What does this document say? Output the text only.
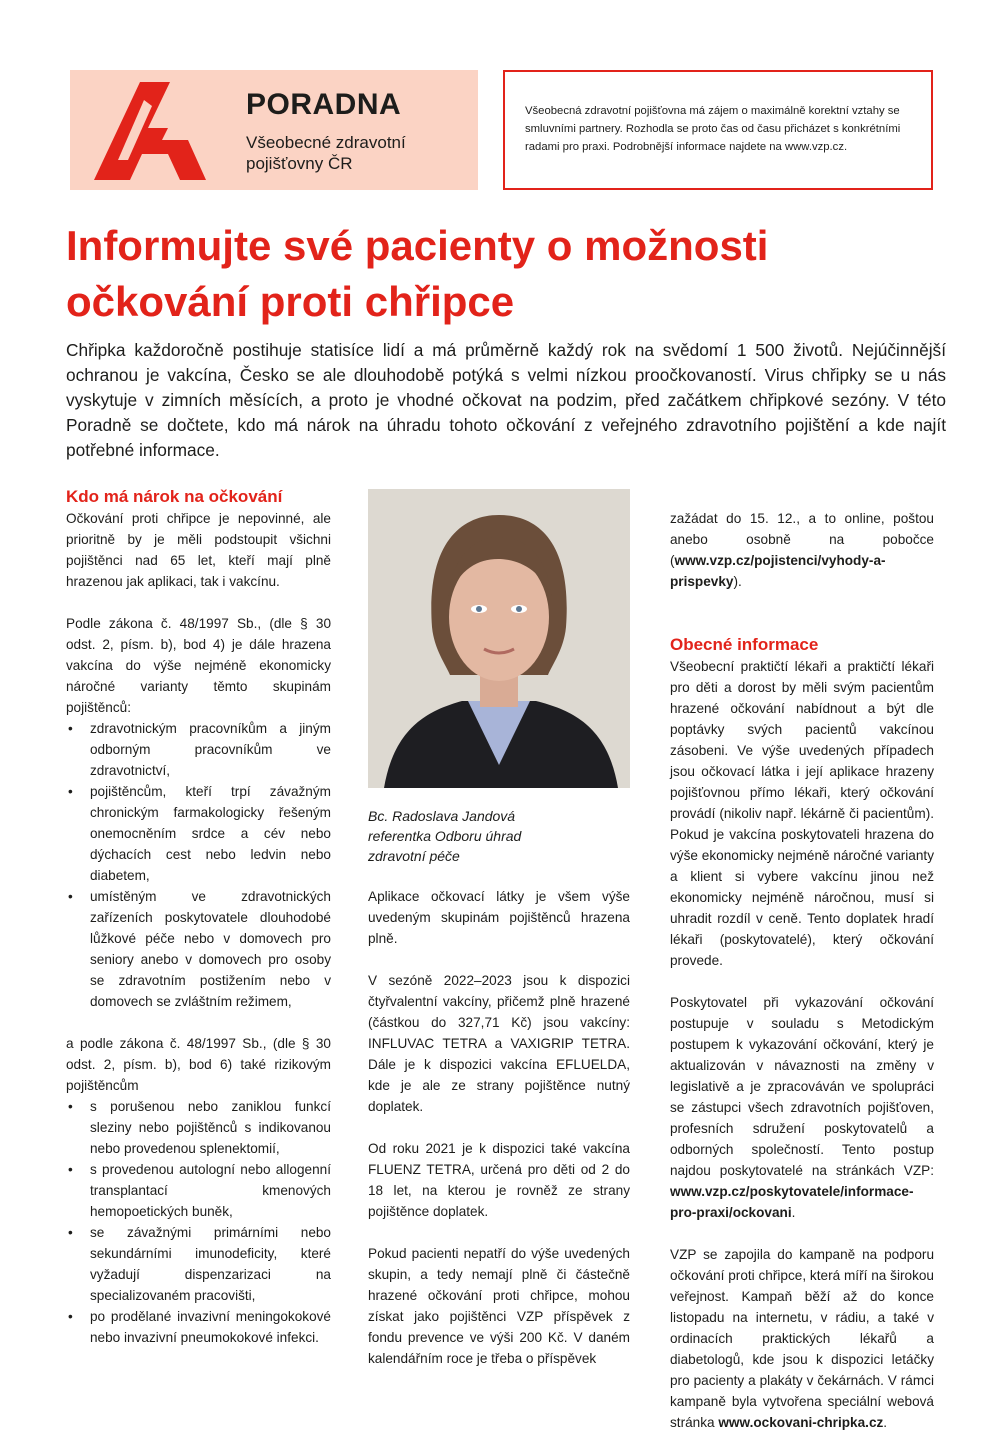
PORADNA
Všeobecné zdravotní
pojišťovny ČR
Všeobecná zdravotní pojišťovna má zájem o maximálně korektní vztahy se smluvními partnery. Rozhodla se proto čas od času přicházet s konkrétními radami pro praxi. Podrobnější informace najdete na www.vzp.cz.
Informujte své pacienty o možnosti
očkování proti chřipce

Chřipka každoročně postihuje statisíce lidí a má průměrně každý rok na svědomí 1 500 životů. Nejúčinnější ochranou je vakcína, Česko se ale dlouhodobě potýká s velmi nízkou proočkovaností. Virus chřipky se u nás vyskytuje v zimních měsících, a proto je vhodné očkovat na podzim, před začátkem chřipkové sezóny. V této Poradně se dočtete, kdo má nárok na úhradu tohoto očkování z veřejného zdravotního pojištění a kde najít potřebné informace.

Kdo má nárok na očkování

Očkování proti chřipce je nepovinné, ale prioritně by je měli podstoupit všichni pojištěnci nad 65 let, kteří mají plně hrazenou jak aplikaci, tak i vakcínu.

Podle zákona č. 48/1997 Sb., (dle § 30 odst. 2, písm. b), bod 4) je dále hrazena vakcína do výše nejméně ekonomicky náročné varianty těmto skupinám pojištěnců:

• zdravotnickým pracovníkům a jiným odborným pracovníkům ve zdravotnictví,
• pojištěncům, kteří trpí závažným chronickým farmakologicky řešeným onemocněním srdce a cév nebo dýchacích cest nebo ledvin nebo diabetem,
• umístěným ve zdravotnických zařízeních poskytovatele dlouhodobé lůžkové péče nebo v domovech pro seniory anebo v domovech pro osoby se zdravotním postižením nebo v domovech se zvláštním režimem,

a podle zákona č. 48/1997 Sb., (dle § 30 odst. 2, písm. b), bod 6) také rizikovým pojištěncům

• s porušenou nebo zaniklou funkcí sleziny nebo pojištěnců s indikovanou nebo provedenou splenektomií,
• s provedenou autologní nebo allogenní transplantací kmenových hemopoetických buněk,
• se závažnými primárními nebo sekundárními imunodeficity, které vyžadují dispenzarizaci na specializovaném pracovišti,
• po prodělané invazivní meningokokové nebo invazivní pneumokokové infekci.
Bc. Radoslava Jandová
referentka Odboru úhrad
zdravotní péče

Aplikace očkovací látky je všem výše uvedeným skupinám pojištěnců hrazena plně.

V sezóně 2022–2023 jsou k dispozici čtyřvalentní vakcíny, přičemž plně hrazené (částkou do 327,71 Kč) jsou vakcíny: INFLUVAC TETRA a VAXIGRIP TETRA. Dále je k dispozici vakcína EFLUELDA, kde je ale ze strany pojištěnce nutný doplatek.

Od roku 2021 je k dispozici také vakcína FLUENZ TETRA, určená pro děti od 2 do 18 let, na kterou je rovněž ze strany pojištěnce doplatek.

Pokud pacienti nepatří do výše uvedených skupin, a tedy nemají plně či částečně hrazené očkování proti chřipce, mohou získat jako pojištěnci VZP příspěvek z fondu prevence ve výši 200 Kč. V daném kalendářním roce je třeba o příspěvek

zažádat do 15. 12., a to online, poštou anebo osobně na pobočce (www.vzp.cz/pojistenci/vyhody-a-prispevky).

Obecné informace

Všeobecní praktičtí lékaři a praktičtí lékaři pro děti a dorost by měli svým pacientům hrazené očkování nabídnout a být dle poptávky svých pacientů vakcínou zásobeni. Ve výše uvedených případech jsou očkovací látka i její aplikace hrazeny pojišťovnou přímo lékaři, který očkování provádí (nikoliv např. lékárně či pacientům). Pokud je vakcína poskytovateli hrazena do výše ekonomicky nejméně náročné varianty a klient si vybere vakcínu jinou než ekonomicky nejméně náročnou, musí si uhradit rozdíl v ceně. Tento doplatek hradí lékaři (poskytovatelé), který očkování provede.

Poskytovatel při vykazování očkování postupuje v souladu s Metodickým postupem k vykazování očkování, který je aktualizován v návaznosti na změny v legislativě a je zpracováván ve spolupráci se zástupci všech zdravotních pojišťoven, profesních sdružení poskytovatelů a odborných společností. Tento postup najdou poskytovatelé na stránkách VZP: www.vzp.cz/poskytovatele/informace-pro-praxi/ockovani.

VZP se zapojila do kampaně na podporu očkování proti chřipce, která míří na širokou veřejnost. Kampaň běží až do konce listopadu na internetu, v rádiu, a také v ordinacích praktických lékařů a diabetologů, kde jsou k dispozici letáčky pro pacienty a plakáty v čekárnách. V rámci kampaně byla vytvořena speciální webová stránka www.ockovani-chripka.cz.
